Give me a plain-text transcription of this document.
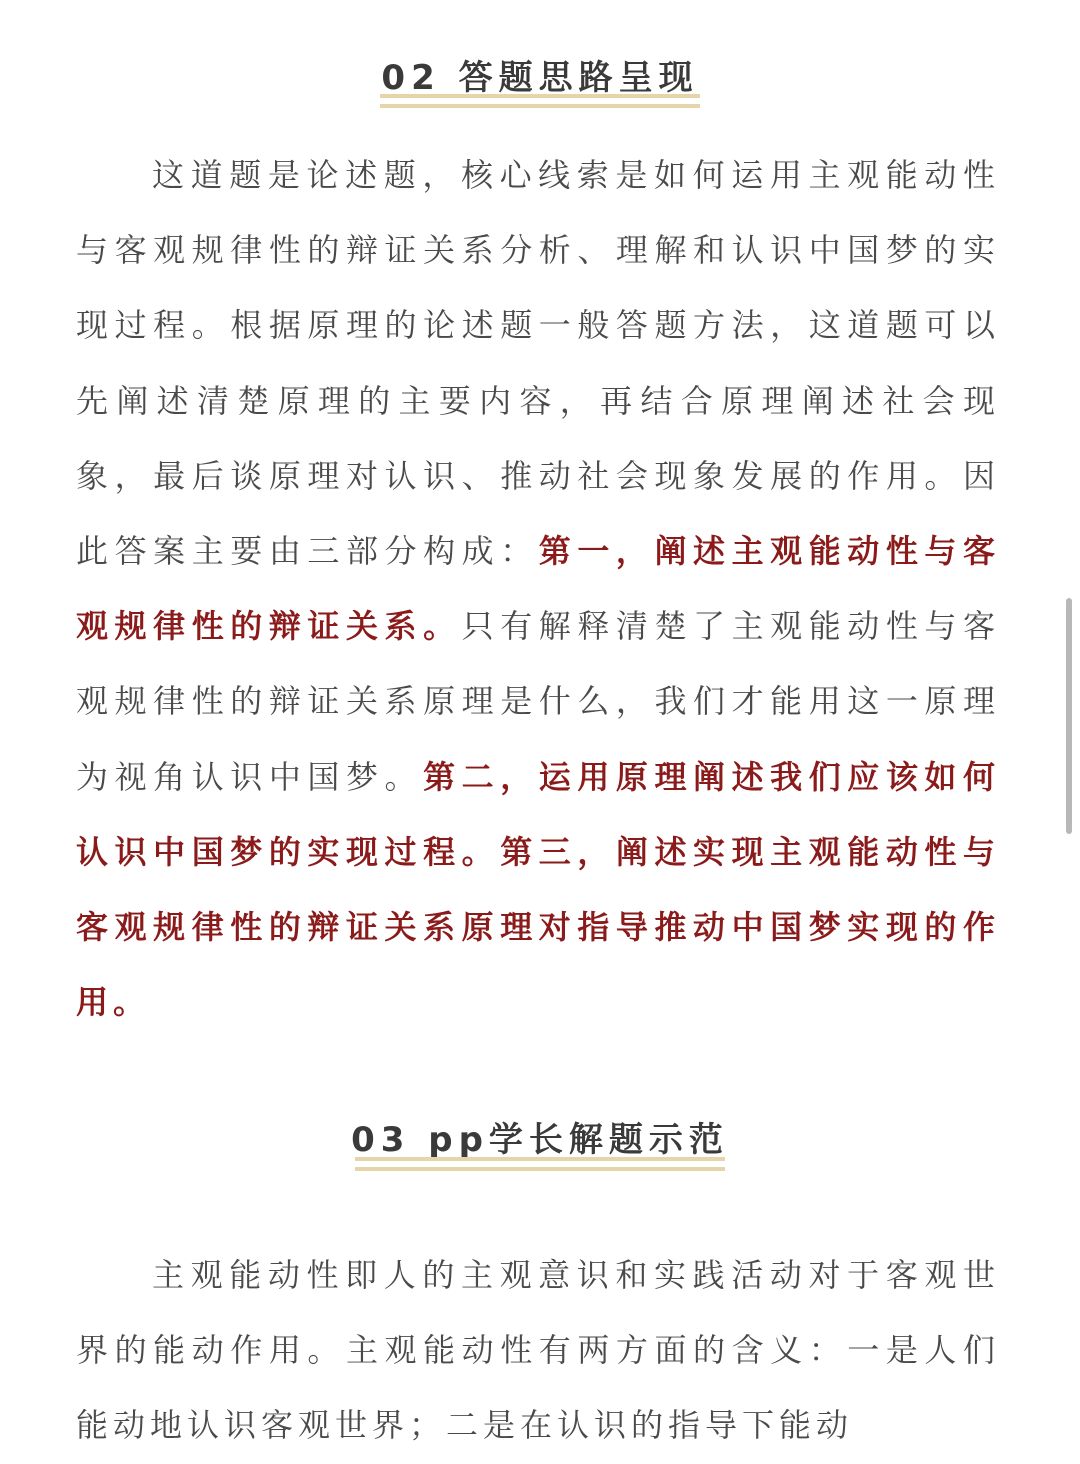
02 答题思路呈现

这道题是论述题，核心线索是如何运用主观能动性与客观规律性的辩证关系分析、理解和认识中国梦的实现过程。根据原理的论述题一般答题方法，这道题可以先阐述清楚原理的主要内容，再结合原理阐述社会现象，最后谈原理对认识、推动社会现象发展的作用。因此答案主要由三部分构成：第一，阐述主观能动性与客观规律性的辩证关系。只有解释清楚了主观能动性与客观规律性的辩证关系原理是什么，我们才能用这一原理为视角认识中国梦。第二，运用原理阐述我们应该如何认识中国梦的实现过程。第三，阐述实现主观能动性与客观规律性的辩证关系原理对指导推动中国梦实现的作用。

03 pp学长解题示范

主观能动性即人的主观意识和实践活动对于客观世界的能动作用。主观能动性有两方面的含义：一是人们能动地认识客观世界；二是在认识的指导下能动
